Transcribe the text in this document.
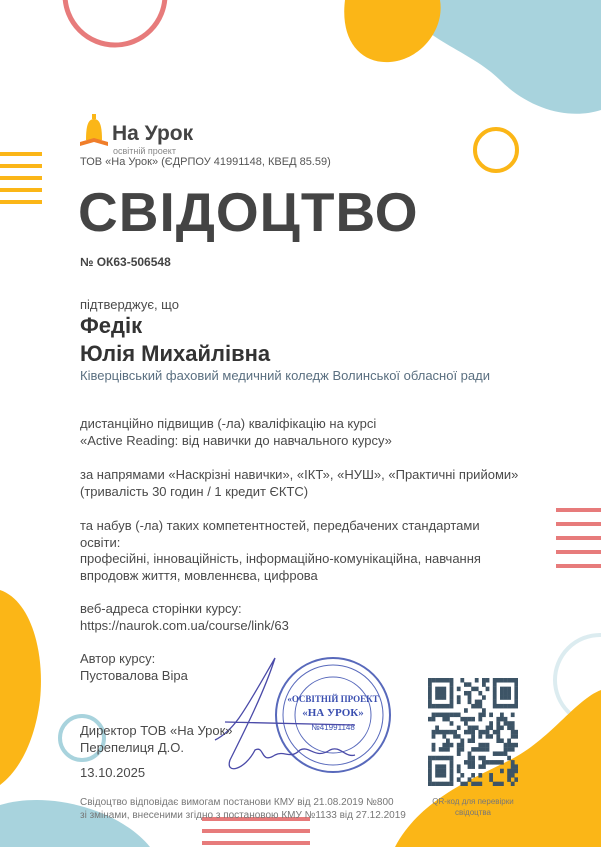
На Урок
освітній проект
ТОВ «На Урок» (ЄДРПОУ 41991148, КВЕД 85.59)
СВІДОЦТВО
№ ОК63-506548
підтверджує, що
Федік
Юлія Михайлівна
Ківерцівський фаховий медичний коледж Волинської обласної ради
дистанційно підвищив (-ла) кваліфікацію на курсі
«Active Reading: від навички до навчального курсу»
за напрямами «Наскрізні навички», «ІКТ», «НУШ», «Практичні прийоми»
(тривалість 30 годин / 1 кредит ЄКТС)
та набув (-ла) таких компетентностей, передбачених стандартами
освіти:
професійні, інноваційність, інформаційно-комунікаційна, навчання
впродовж життя, мовленнєва, цифрова
веб-адреса сторінки курсу:
https://naurok.com.ua/course/link/63
Автор курсу:
Пустовалова Віра
«ОСВІТНІЙ ПРОЕКТ
«НА УРОК»
№41991148
Директор ТОВ «На Урок»
Перепелиця Д.О.
13.10.2025
Свідоцтво відповідає вимогам постанови КМУ від 21.08.2019 №800
зі змінами, внесеними згідно з постановою КМУ №1133 від 27.12.2019
QR-код для перевірки
свідоцтва
